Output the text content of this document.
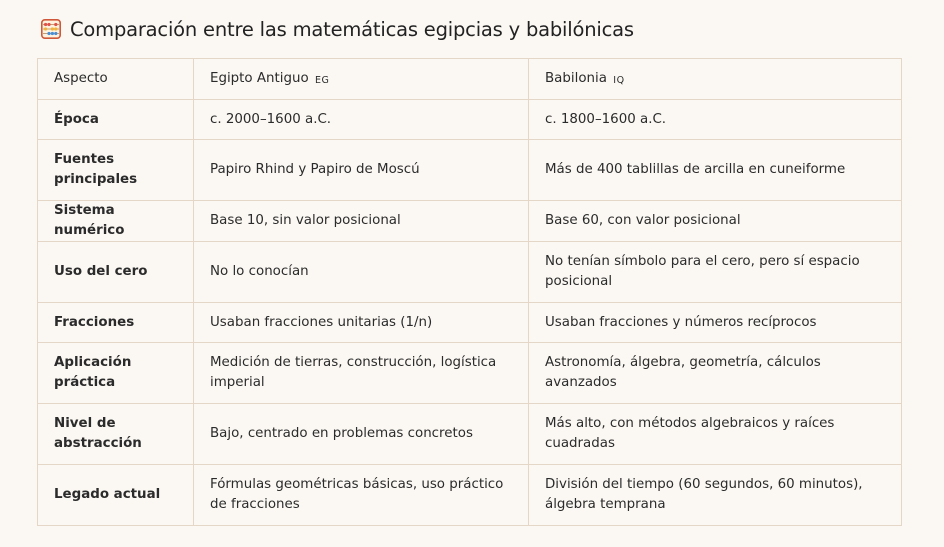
Comparación entre las matemáticas egipcias y babilónicas
Aspecto	Egipto Antiguo EG	Babilonia IQ
Época	c. 2000–1600 a.C.	c. 1800–1600 a.C.
Fuentes principales	Papiro Rhind y Papiro de Moscú	Más de 400 tablillas de arcilla en cuneiforme
Sistema numérico	Base 10, sin valor posicional	Base 60, con valor posicional
Uso del cero	No lo conocían	No tenían símbolo para el cero, pero sí espacio posicional
Fracciones	Usaban fracciones unitarias (1/n)	Usaban fracciones y números recíprocos
Aplicación práctica	Medición de tierras, construcción, logística imperial	Astronomía, álgebra, geometría, cálculos avanzados
Nivel de abstracción	Bajo, centrado en problemas concretos	Más alto, con métodos algebraicos y raíces cuadradas
Legado actual	Fórmulas geométricas básicas, uso práctico de fracciones	División del tiempo (60 segundos, 60 minutos), álgebra temprana
